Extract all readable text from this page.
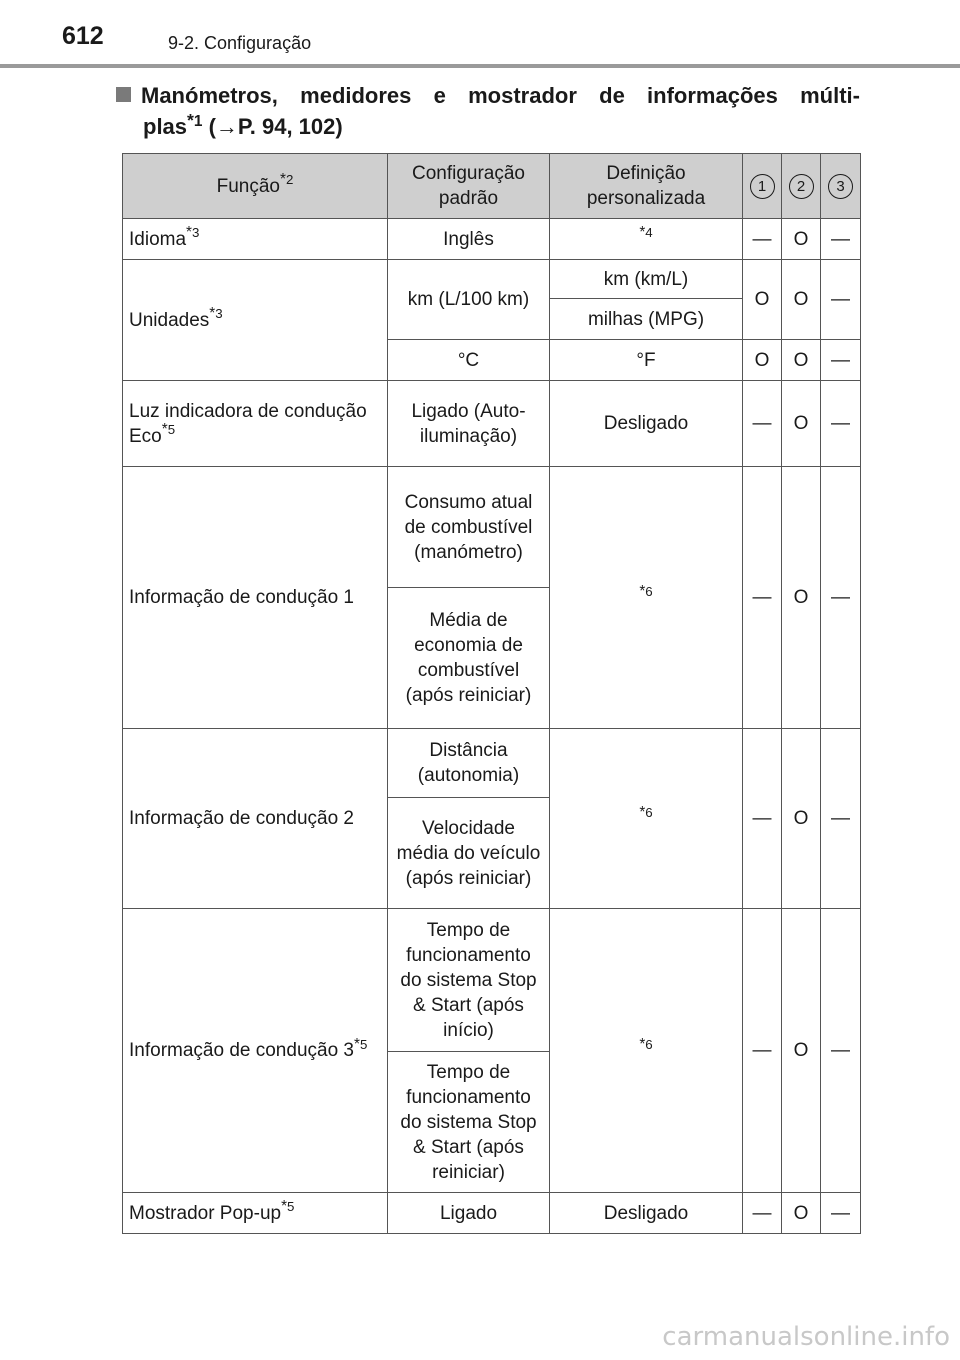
612	9-2. Configuração
Manómetros, medidores e mostrador de informações múlti-
plas$^{*1}$ (→P. 94, 102)
Função$^{*2}$	Configuração padrão	Definição personalizada	1	2	3
Idioma$^{*3}$	Inglês	$^{*4}$	—	O	—
Unidades$^{*3}$	km (L/100 km)	km (km/L)	O	O	—
		milhas (MPG)			
	°C	°F	O	O	—
Luz indicadora de condução Eco$^{*5}$	Ligado (Auto-iluminação)	Desligado	—	O	—
Informação de condução 1	Consumo atual de combustível (manómetro)	$^{*6}$	—	O	—
	Média de economia de combustível (após reiniciar)				
Informação de condução 2	Distância (autonomia)	$^{*6}$	—	O	—
	Velocidade média do veículo (após reiniciar)				
Informação de condução 3$^{*5}$	Tempo de funcionamento do sistema Stop & Start (após início)	$^{*6}$	—	O	—
	Tempo de funcionamento do sistema Stop & Start (após reiniciar)				
Mostrador Pop-$up^{*5}$	Ligado	Desligado	—	O	—
carmanualsonline.info
